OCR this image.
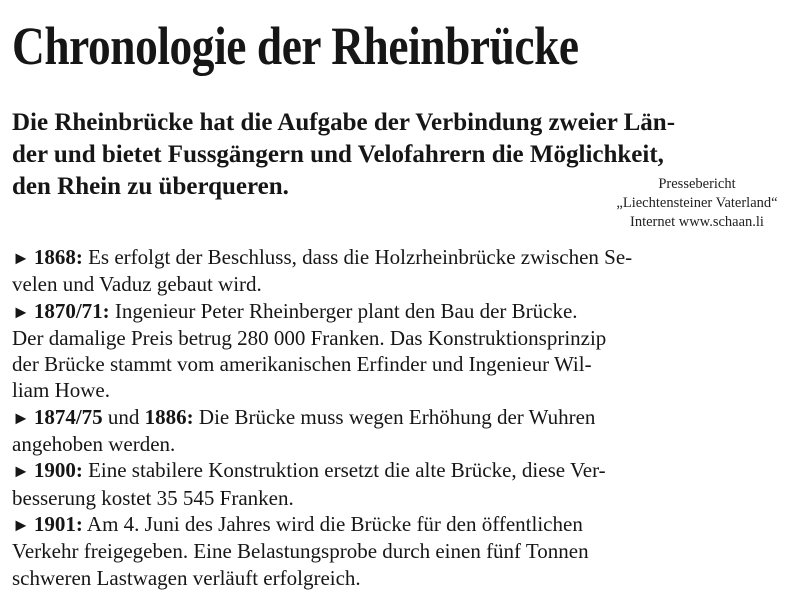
Chronologie der Rheinbrücke

Die Rheinbrücke hat die Aufgabe der Verbindung zweier Län-
der und bietet Fussgängern und Velofahrern die Möglichkeit,
den Rhein zu überqueren.	Pressebericht
„Liechtensteiner Vaterland“
Internet www.schaan.li
► 1868: Es erfolgt der Beschluss, dass die Holzrheinbrücke zwischen Se-
velen und Vaduz gebaut wird.
► 1870/71: Ingenieur Peter Rheinberger plant den Bau der Brücke.
Der damalige Preis betrug 280 000 Franken. Das Konstruktionsprinzip
der Brücke stammt vom amerikanischen Erfinder und Ingenieur Wil-
liam Howe.
► 1874/75 und 1886: Die Brücke muss wegen Erhöhung der Wuhren
angehoben werden.
► 1900: Eine stabilere Konstruktion ersetzt die alte Brücke, diese Ver-
besserung kostet 35 545 Franken.
► 1901: Am 4. Juni des Jahres wird die Brücke für den öffentlichen
Verkehr freigegeben. Eine Belastungsprobe durch einen fünf Tonnen
schweren Lastwagen verläuft erfolgreich.
